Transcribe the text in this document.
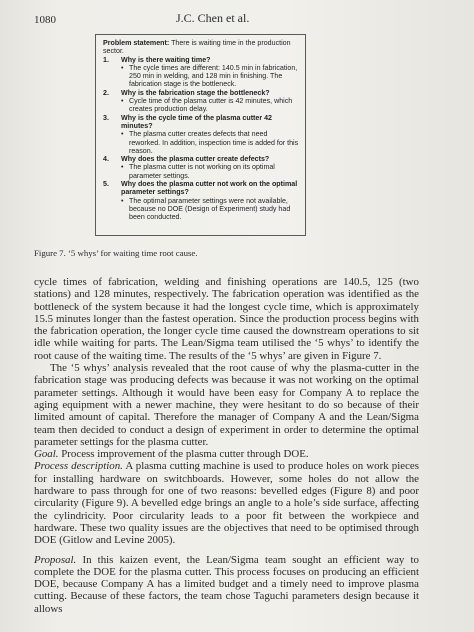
1080	J.C. Chen et al.

Problem statement: There is waiting time in the production sector.

1.	Why is there waiting time?
• The cycle times are different: 140.5 min in fabrication, 250 min in welding, and 128 min in finishing. The fabrication stage is the bottleneck.
2.	Why is the fabrication stage the bottleneck?
• Cycle time of the plasma cutter is 42 minutes, which creates production delay.
3.	Why is the cycle time of the plasma cutter 42 minutes?
• The plasma cutter creates defects that need reworked. In addition, inspection time is added for this reason.
4.	Why does the plasma cutter create defects?
• The plasma cutter is not working on its optimal parameter settings.
5.	Why does the plasma cutter not work on the optimal parameter settings?
• The optimal parameter settings were not available, because no DOE (Design of Experiment) study had been conducted.
Figure 7. ‘5 whys’ for waiting time root cause.

cycle times of fabrication, welding and finishing operations are 140.5, 125 (two stations) and 128 minutes, respectively. The fabrication operation was identified as the bottleneck of the system because it had the longest cycle time, which is approximately 15.5 minutes longer than the fastest operation. Since the production process begins with the fabrication operation, the longer cycle time caused the downstream operations to sit idle while waiting for parts. The Lean/Sigma team utilised the ‘5 whys’ to identify the root cause of the waiting time. The results of the ‘5 whys’ are given in Figure 7.

The ‘5 whys’ analysis revealed that the root cause of why the plasma-cutter in the fabrication stage was producing defects was because it was not working on the optimal parameter settings. Although it would have been easy for Company A to replace the aging equipment with a newer machine, they were hesitant to do so because of their limited amount of capital. Therefore the manager of Company A and the Lean/Sigma team then decided to conduct a design of experiment in order to determine the optimal parameter settings for the plasma cutter.

Goal. Process improvement of the plasma cutter through DOE.

Process description. A plasma cutting machine is used to produce holes on work pieces for installing hardware on switchboards. However, some holes do not allow the hardware to pass through for one of two reasons: bevelled edges (Figure 8) and poor circularity (Figure 9). A bevelled edge brings an angle to a hole’s side surface, affecting the cylindricity. Poor circularity leads to a poor fit between the workpiece and hardware. These two quality issues are the objectives that need to be optimised through DOE (Gitlow and Levine 2005).

Proposal. In this kaizen event, the Lean/Sigma team sought an efficient way to complete the DOE for the plasma cutter. This process focuses on producing an efficient DOE, because Company A has a limited budget and a timely need to improve plasma cutting. Because of these factors, the team chose Taguchi parameters design because it allows
